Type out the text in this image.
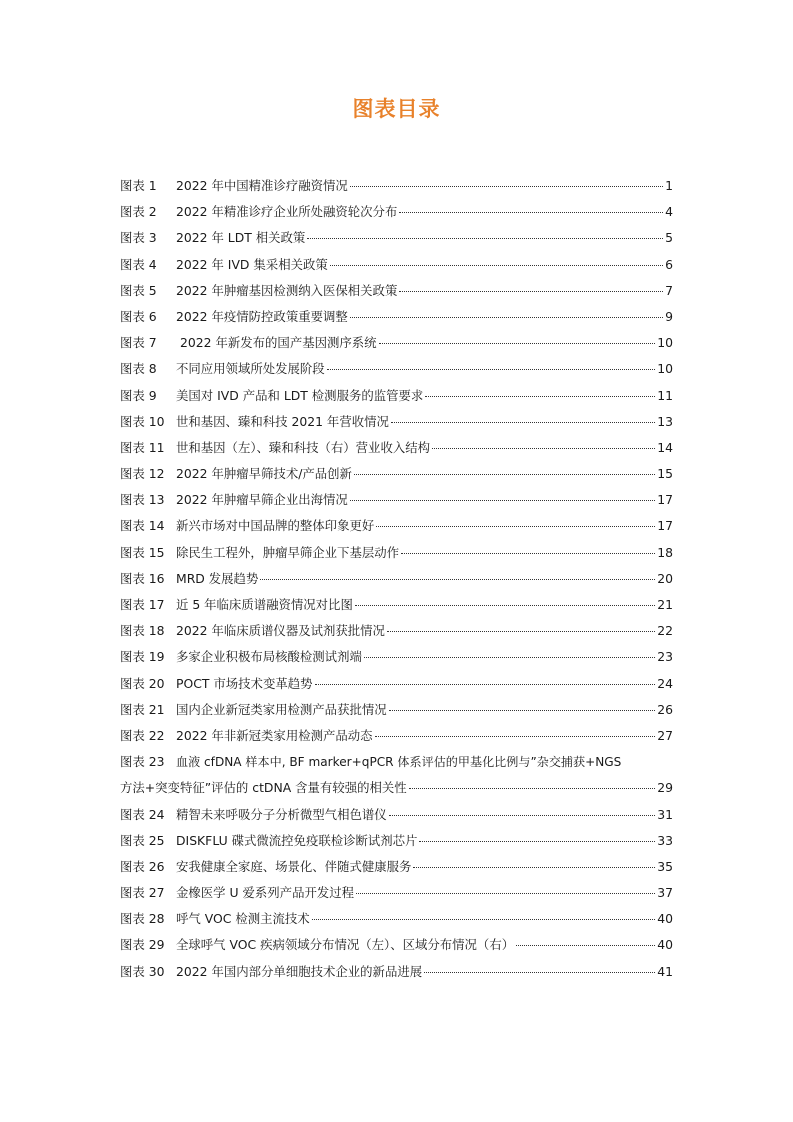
图表目录
图表 1	2022 年中国精准诊疗融资情况	1
图表 2	2022 年精准诊疗企业所处融资轮次分布	4
图表 3	2022 年 LDT 相关政策	5
图表 4	2022 年 IVD 集采相关政策	6
图表 5	2022 年肿瘤基因检测纳入医保相关政策	7
图表 6	2022 年疫情防控政策重要调整	9
图表 7	2022 年新发布的国产基因测序系统	10
图表 8	不同应用领域所处发展阶段	10
图表 9	美国对 IVD 产品和 LDT 检测服务的监管要求	11
图表 10 世和基因、臻和科技 2021 年营收情况	13
图表 11 世和基因（左）、臻和科技（右）营业收入结构	14
图表 12 2022 年肿瘤早筛技术/产品创新	15
图表 13 2022 年肿瘤早筛企业出海情况	17
图表 14 新兴市场对中国品牌的整体印象更好	17
图表 15 除民生工程外，肿瘤早筛企业下基层动作	18
图表 16 MRD 发展趋势	20
图表 17 近 5 年临床质谱融资情况对比图	21
图表 18 2022 年临床质谱仪器及试剂获批情况	22
图表 19 多家企业积极布局核酸检测试剂端	23
图表 20 POCT 市场技术变革趋势	24
图表 21 国内企业新冠类家用检测产品获批情况	26
图表 22 2022 年非新冠类家用检测产品动态	27
图表 23 血液 cfDNA 样本中, BF marker+qPCR 体系评估的甲基化比例与”杂交捕获+NGS
方法+突变特征”评估的 ctDNA 含量有较强的相关性	29
图表 24 精智未来呼吸分子分析微型气相色谱仪	31
图表 25 DISKFLU 碟式微流控免疫联检诊断试剂芯片	33
图表 26 安我健康全家庭、场景化、伴随式健康服务	35
图表 27 金橡医学 U 爱系列产品开发过程	37
图表 28 呼气 VOC 检测主流技术	40
图表 29 全球呼气 VOC 疾病领域分布情况（左）、区域分布情况（右）	40
图表 30 2022 年国内部分单细胞技术企业的新品进展	41
